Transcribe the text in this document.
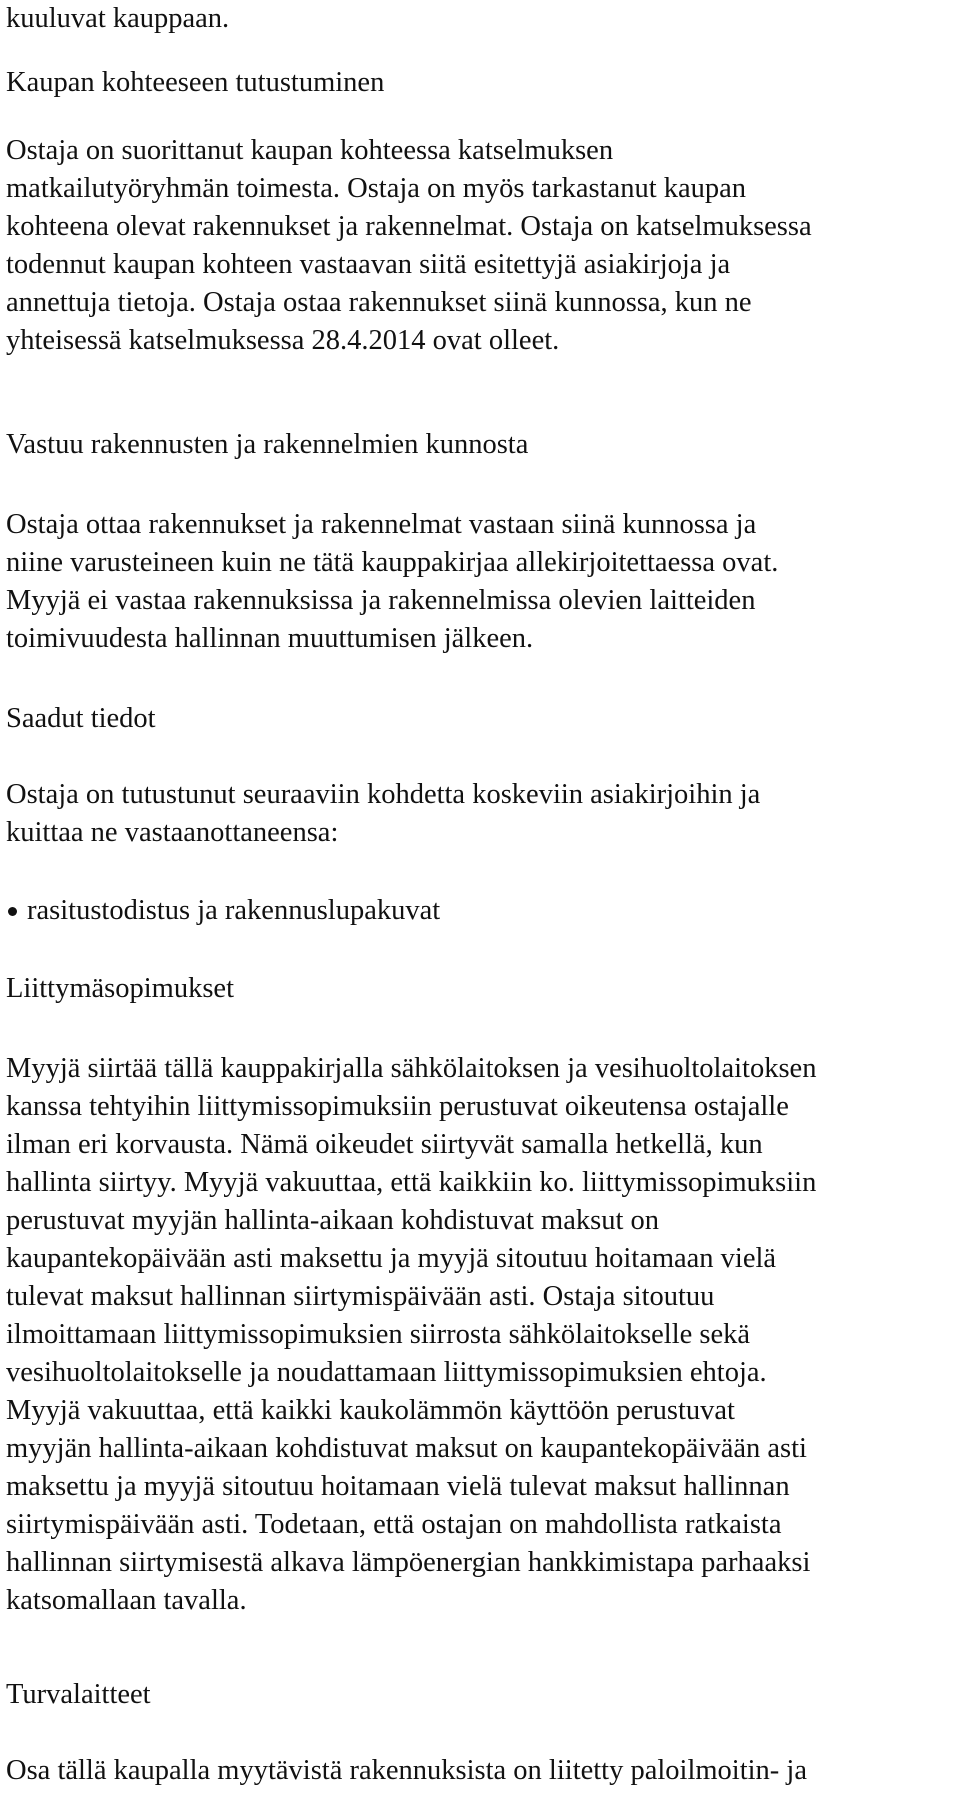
kuuluvat kauppaan.
Kaupan kohteeseen tutustuminen
Ostaja on suorittanut kaupan kohteessa katselmuksen
matkailutyöryhmän toimesta. Ostaja on myös tarkastanut kaupan
kohteena olevat rakennukset ja rakennelmat. Ostaja on katselmuksessa
todennut kaupan kohteen vastaavan siitä esitettyjä asiakirjoja ja
annettuja tietoja. Ostaja ostaa rakennukset siinä kunnossa, kun ne
yhteisessä katselmuksessa 28.4.2014 ovat olleet.
Vastuu rakennusten ja rakennelmien kunnosta
Ostaja ottaa rakennukset ja rakennelmat vastaan siinä kunnossa ja
niine varusteineen kuin ne tätä kauppakirjaa allekirjoitettaessa ovat.
Myyjä ei vastaa rakennuksissa ja rakennelmissa olevien laitteiden
toimivuudesta hallinnan muuttumisen jälkeen.
Saadut tiedot
Ostaja on tutustunut seuraaviin kohdetta koskeviin asiakirjoihin ja
kuittaa ne vastaanottaneensa:
rasitustodistus ja rakennuslupakuvat
Liittymäsopimukset
Myyjä siirtää tällä kauppakirjalla sähkölaitoksen ja vesihuoltolaitoksen
kanssa tehtyihin liittymissopimuksiin perustuvat oikeutensa ostajalle
ilman eri korvausta. Nämä oikeudet siirtyvät samalla hetkellä, kun
hallinta siirtyy. Myyjä vakuuttaa, että kaikkiin ko. liittymissopimuksiin
perustuvat myyjän hallinta-aikaan kohdistuvat maksut on
kaupantekopäivään asti maksettu ja myyjä sitoutuu hoitamaan vielä
tulevat maksut hallinnan siirtymispäivään asti. Ostaja sitoutuu
ilmoittamaan liittymissopimuksien siirrosta sähkölaitokselle sekä
vesihuoltolaitokselle ja noudattamaan liittymissopimuksien ehtoja.
Myyjä vakuuttaa, että kaikki kaukolämmön käyttöön perustuvat
myyjän hallinta-aikaan kohdistuvat maksut on kaupantekopäivään asti
maksettu ja myyjä sitoutuu hoitamaan vielä tulevat maksut hallinnan
siirtymispäivään asti. Todetaan, että ostajan on mahdollista ratkaista
hallinnan siirtymisestä alkava lämpöenergian hankkimistapa parhaaksi
katsomallaan tavalla.
Turvalaitteet
Osa tällä kaupalla myytävistä rakennuksista on liitetty paloilmoitin- ja
